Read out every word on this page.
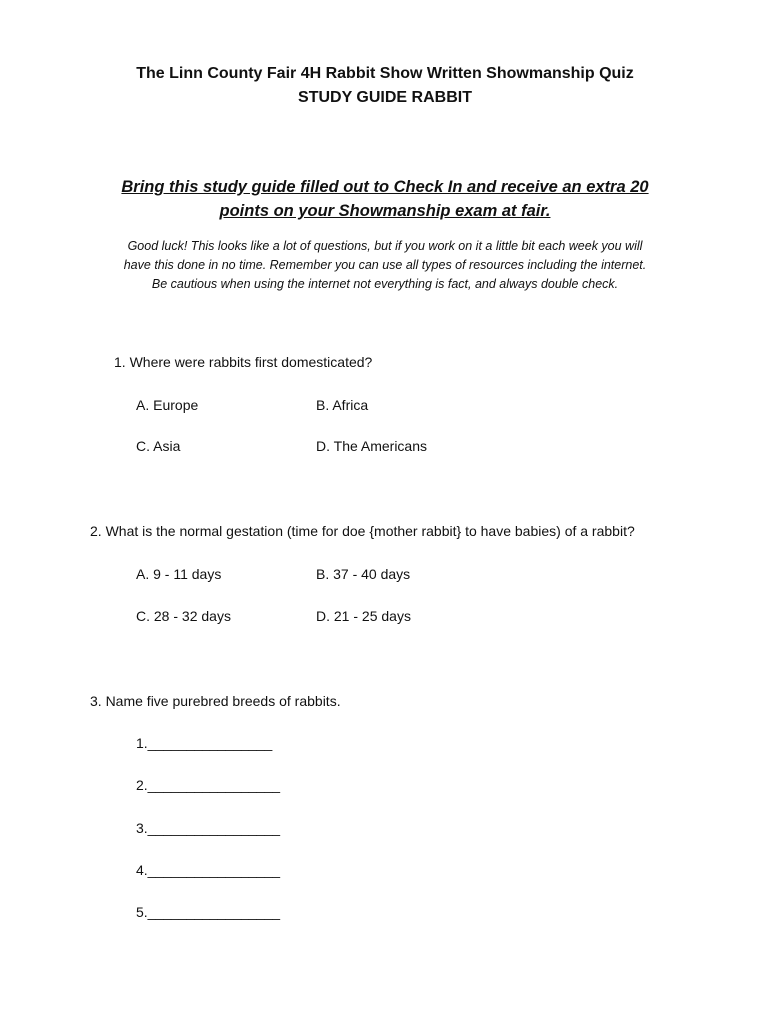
The Linn County Fair 4H Rabbit Show Written Showmanship Quiz
STUDY GUIDE RABBIT
Bring this study guide filled out to Check In and receive an extra 20
points on your Showmanship exam at fair.
Good luck! This looks like a lot of questions, but if you work on it a little bit each week you will
have this done in no time. Remember you can use all types of resources including the internet.
Be cautious when using the internet not everything is fact, and always double check.
1. Where were rabbits first domesticated?
A. Europe	B. Africa
C. Asia	D. The Americans
2. What is the normal gestation (time for doe {mother rabbit} to have babies) of a rabbit?
A. 9 - 11 days	B. 37 - 40 days
C. 28 - 32 days	D. 21 - 25 days
3. Name five purebred breeds of rabbits.
1.________________
2._________________
3._________________
4._________________
5._________________
